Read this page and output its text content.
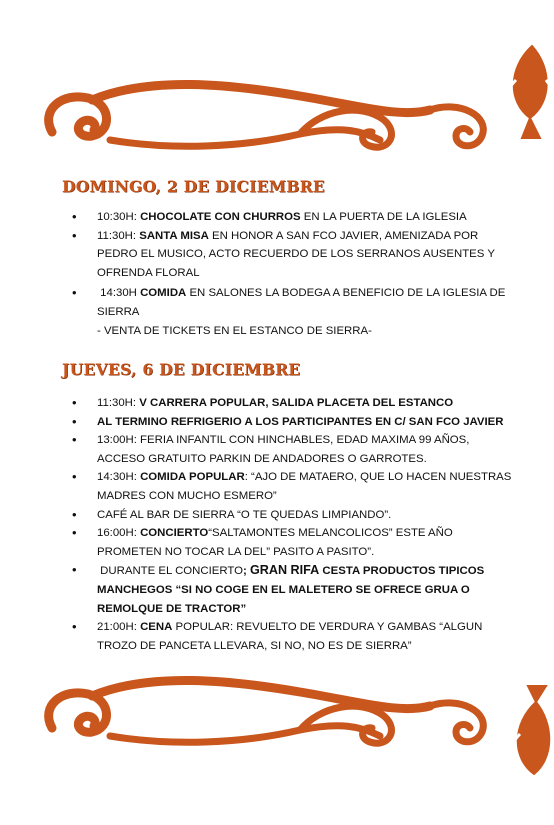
DOMINGO, 2 DE DICIEMBRE
• 10:30H: CHOCOLATE CON CHURROS EN LA PUERTA DE LA IGLESIA
• 11:30H: SANTA MISA EN HONOR A SAN FCO JAVIER, AMENIZADA POR PEDRO EL MUSICO, ACTO RECUERDO DE LOS SERRANOS AUSENTES Y OFRENDA FLORAL
• 14:30H COMIDA EN SALONES LA BODEGA A BENEFICIO DE LA IGLESIA DE SIERRA
- VENTA DE TICKETS EN EL ESTANCO DE SIERRA-
JUEVES, 6 DE DICIEMBRE
• 11:30H: V CARRERA POPULAR, SALIDA PLACETA DEL ESTANCO
• AL TERMINO REFRIGERIO A LOS PARTICIPANTES EN C/ SAN FCO JAVIER
• 13:00H: FERIA INFANTIL CON HINCHABLES, EDAD MAXIMA 99 AÑOS, ACCESO GRATUITO PARKIN DE ANDADORES O GARROTES.
• 14:30H: COMIDA POPULAR: “AJO DE MATAERO, QUE LO HACEN NUESTRAS MADRES CON MUCHO ESMERO”
• CAFÉ AL BAR DE SIERRA “O TE QUEDAS LIMPIANDO”.
• 16:00H: CONCIERTO“SALTAMONTES MELANCOLICOS” ESTE AÑO PROMETEN NO TOCAR LA DEL” PASITO A PASITO”.
• DURANTE EL CONCIERTO; GRAN RIFA CESTA PRODUCTOS TIPICOS MANCHEGOS “SI NO COGE EN EL MALETERO SE OFRECE GRUA O REMOLQUE DE TRACTOR”
• 21:00H: CENA POPULAR: REVUELTO DE VERDURA Y GAMBAS “ALGUN TROZO DE PANCETA LLEVARA, SI NO, NO ES DE SIERRA”
